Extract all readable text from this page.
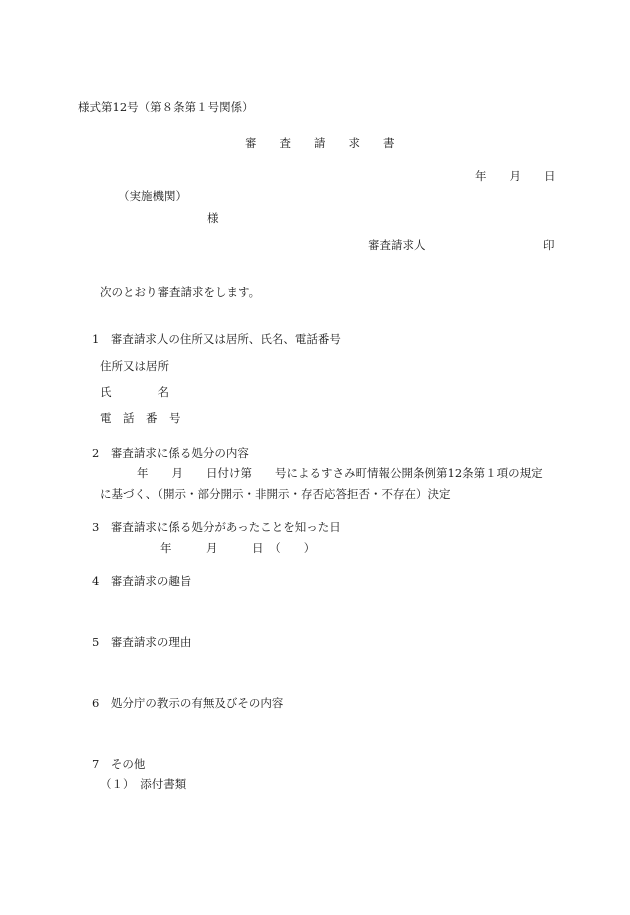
様式第12号（第８条第１号関係）
審　　査　　請　　求　　書
年　　月　　日
（実施機関）
様
審査請求人	印
次のとおり審査請求をします。
1　審査請求人の住所又は居所、氏名、電話番号
住所又は居所
氏　　　　名
電　話　番　号
2　審査請求に係る処分の内容
年　　月　　日付け第　　号によるすさみ町情報公開条例第12条第１項の規定
に基づく、（開示・部分開示・非開示・存否応答拒否・不存在）決定
3　審査請求に係る処分があったことを知った日
年　　　月　　　日　（　　）
4　審査請求の趣旨
5　審査請求の理由
6　処分庁の教示の有無及びその内容
7　その他
（１）　添付書類
